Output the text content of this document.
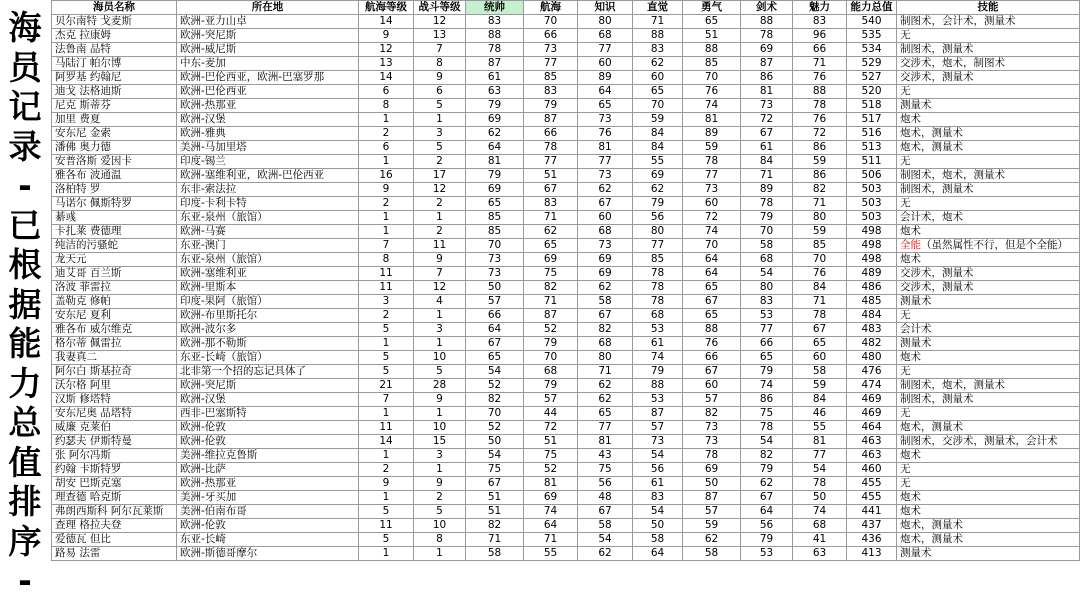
海
员
记
录
-
已
根
据
能
力
总
值
排
序
-
海员名称	所在地	航海等级	战斗等级	统帅	航海	知识	直觉	勇气	剑术	魅力	能力总值	技能
贝尔南特 戈麦斯	欧洲-亚力山卓	14	12	83	70	80	71	65	88	83	540	制图术，会计术，测量术
杰克 拉康姆	欧洲-突尼斯	9	13	88	66	68	88	51	78	96	535	无
法鲁南 品特	欧洲-威尼斯	12	7	78	73	77	83	88	69	66	534	制图术，测量术
马陆汀 帕尔博	中东-麦加	13	8	87	77	60	62	85	87	71	529	交涉术，炮术，制图术
阿罗基 约翰尼	欧洲-巴伦西亚，欧洲-巴塞罗那	14	9	61	85	89	60	70	86	76	527	交涉术，测量术
迪戈 法格迪斯	欧洲-巴伦西亚	6	6	63	83	64	65	76	81	88	520	无
尼克 斯蒂芬	欧洲-热那亚	8	5	79	79	65	70	74	73	78	518	测量术
加里 费夏	欧洲-汉堡	1	1	69	87	73	59	81	72	76	517	炮术
安东尼 金索	欧洲-雅典	2	3	62	66	76	84	89	67	72	516	炮术，测量术
潘佛 奥力德	美洲-马加里塔	6	5	64	78	81	84	59	61	86	513	炮术，测量术
安普洛斯 爱因卡	印度-锡兰	1	2	81	77	77	55	78	84	59	511	无
雅各布 波通温	欧洲-塞维利亚，欧洲-巴伦西亚	16	17	79	51	73	69	77	71	86	506	制图术，炮术，测量术
洛柏特 罗	东非-索法拉	9	12	69	67	62	62	73	89	82	503	制图术，测量术
马诺尔 佩斯特罗	印度-卡利卡特	2	2	65	83	67	79	60	78	71	503	无
綦彧	东亚-泉州（旅馆）	1	1	85	71	60	56	72	79	80	503	会计术，炮术
卡扎莱 费德理	欧洲-马赛	1	2	85	62	68	80	74	70	59	498	炮术
纯洁的污骚蛇	东亚-澳门	7	11	70	65	73	77	70	58	85	498	全能（虽然属性不行，但是个全能）
龙天元	东亚-泉州（旅馆）	8	9	73	69	69	85	64	68	70	498	炮术
迪艾哥 百兰斯	欧洲-塞维利亚	11	7	73	75	69	78	64	54	76	489	交涉术，测量术
洛波 菲雷拉	欧洲-里斯本	11	12	50	82	62	78	65	80	84	486	交涉术，测量术
盖勒克 修帕	印度-果阿（旅馆）	3	4	57	71	58	78	67	83	71	485	测量术
安东尼 夏利	欧洲-布里斯托尔	2	1	66	87	67	68	65	53	78	484	无
雅各布 威尔维克	欧洲-波尔多	5	3	64	52	82	53	88	77	67	483	会计术
格尔蒂 佩雷拉	欧洲-那不勒斯	1	1	67	79	68	61	76	66	65	482	测量术
我妻真二	东亚-长崎（旅馆）	5	10	65	70	80	74	66	65	60	480	炮术
阿尔白 斯基拉奇	北非第一个招的忘记具体了	5	5	54	68	71	79	67	79	58	476	无
沃尔格 阿里	欧洲-突尼斯	21	28	52	79	62	88	60	74	59	474	制图术，炮术，测量术
汉斯 修塔特	欧洲-汉堡	7	9	82	57	62	53	57	86	84	469	制图术，测量术
安东尼奥 品塔特	西非-巴塞斯特	1	1	70	44	65	87	82	75	46	469	无
威廉 克莱伯	欧洲-伦敦	11	10	52	72	77	57	73	78	55	464	炮术，测量术
约瑟夫 伊斯特曼	欧洲-伦敦	14	15	50	51	81	73	73	54	81	463	制图术，交涉术，测量术，会计术
张 阿尔冯斯	美洲-维拉克鲁斯	1	3	54	75	43	54	78	82	77	463	炮术
约翰 卡斯特罗	欧洲-比萨	2	1	75	52	75	56	69	79	54	460	无
胡安 巴斯克塞	欧洲-热那亚	9	9	67	81	56	61	50	62	78	455	无
理查德 哈克斯	美洲-牙买加	1	2	51	69	48	83	87	67	50	455	炮术
弗朗西斯科 阿尔瓦莱斯	美洲-伯南布哥	5	5	51	74	67	54	57	64	74	441	炮术
查理 格拉夫登	欧洲-伦敦	11	10	82	64	58	50	59	56	68	437	炮术，测量术
爱德瓦 但比	东亚-长崎	5	8	71	71	54	58	62	79	41	436	炮术，测量术
路易 法雷	欧洲-斯德哥摩尔	1	1	58	55	62	64	58	53	63	413	测量术
